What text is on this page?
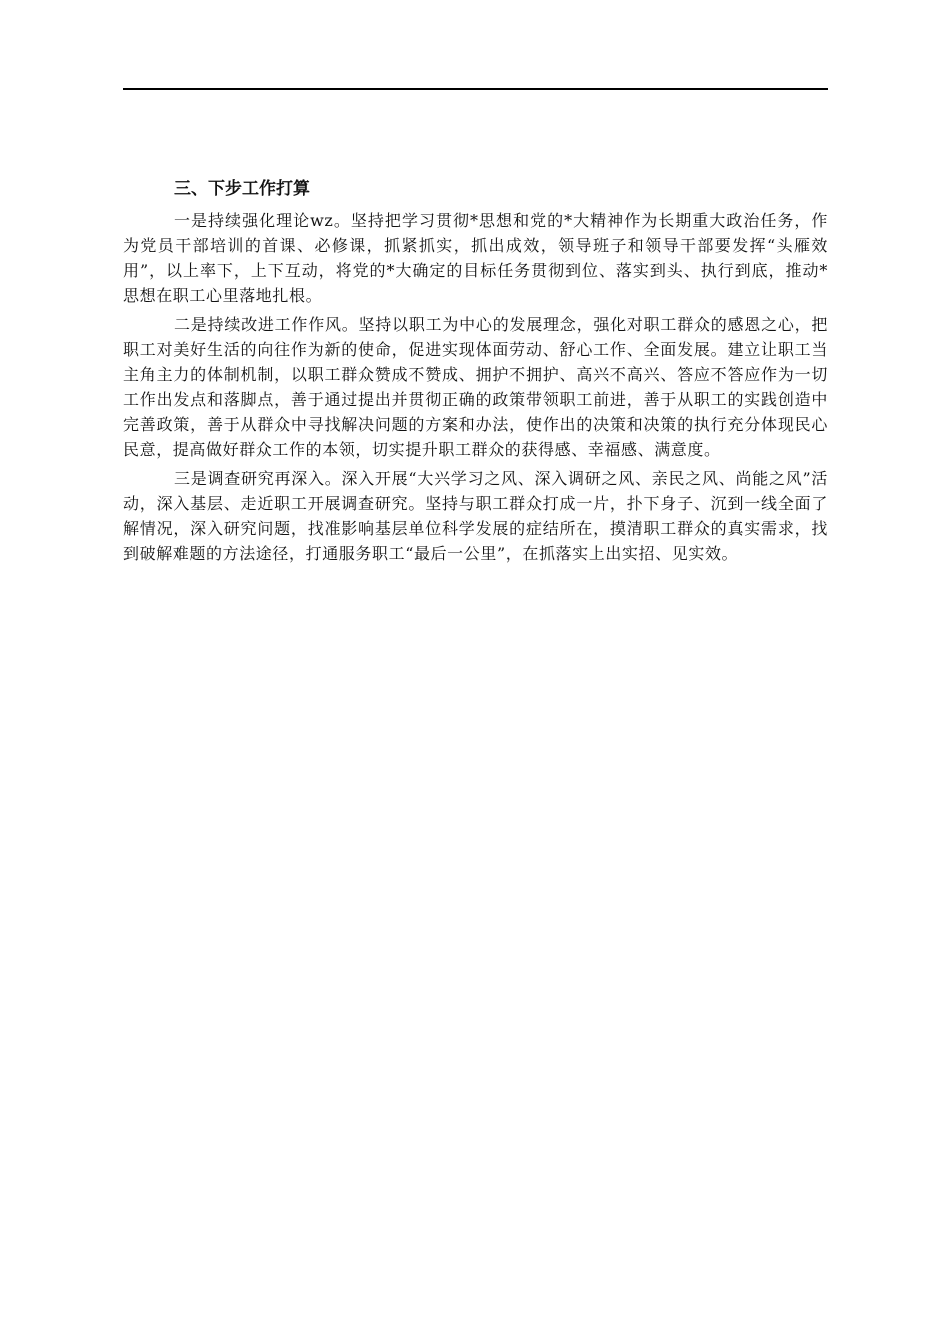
三、下步工作打算

一是持续强化理论wz。坚持把学习贯彻*思想和党的*大精神作为长期重大政治任务，作为党员干部培训的首课、必修课，抓紧抓实，抓出成效，领导班子和领导干部要发挥“头雁效用”，以上率下，上下互动，将党的*大确定的目标任务贯彻到位、落实到头、执行到底，推动*思想在职工心里落地扎根。

二是持续改进工作作风。坚持以职工为中心的发展理念，强化对职工群众的感恩之心，把职工对美好生活的向往作为新的使命，促进实现体面劳动、舒心工作、全面发展。建立让职工当主角主力的体制机制，以职工群众赞成不赞成、拥护不拥护、高兴不高兴、答应不答应作为一切工作出发点和落脚点，善于通过提出并贯彻正确的政策带领职工前进，善于从职工的实践创造中完善政策，善于从群众中寻找解决问题的方案和办法，使作出的决策和决策的执行充分体现民心民意，提高做好群众工作的本领，切实提升职工群众的获得感、幸福感、满意度。

三是调查研究再深入。深入开展“大兴学习之风、深入调研之风、亲民之风、尚能之风”活动，深入基层、走近职工开展调查研究。坚持与职工群众打成一片，扑下身子、沉到一线全面了解情况，深入研究问题，找准影响基层单位科学发展的症结所在，摸清职工群众的真实需求，找到破解难题的方法途径，打通服务职工“最后一公里”，在抓落实上出实招、见实效。
